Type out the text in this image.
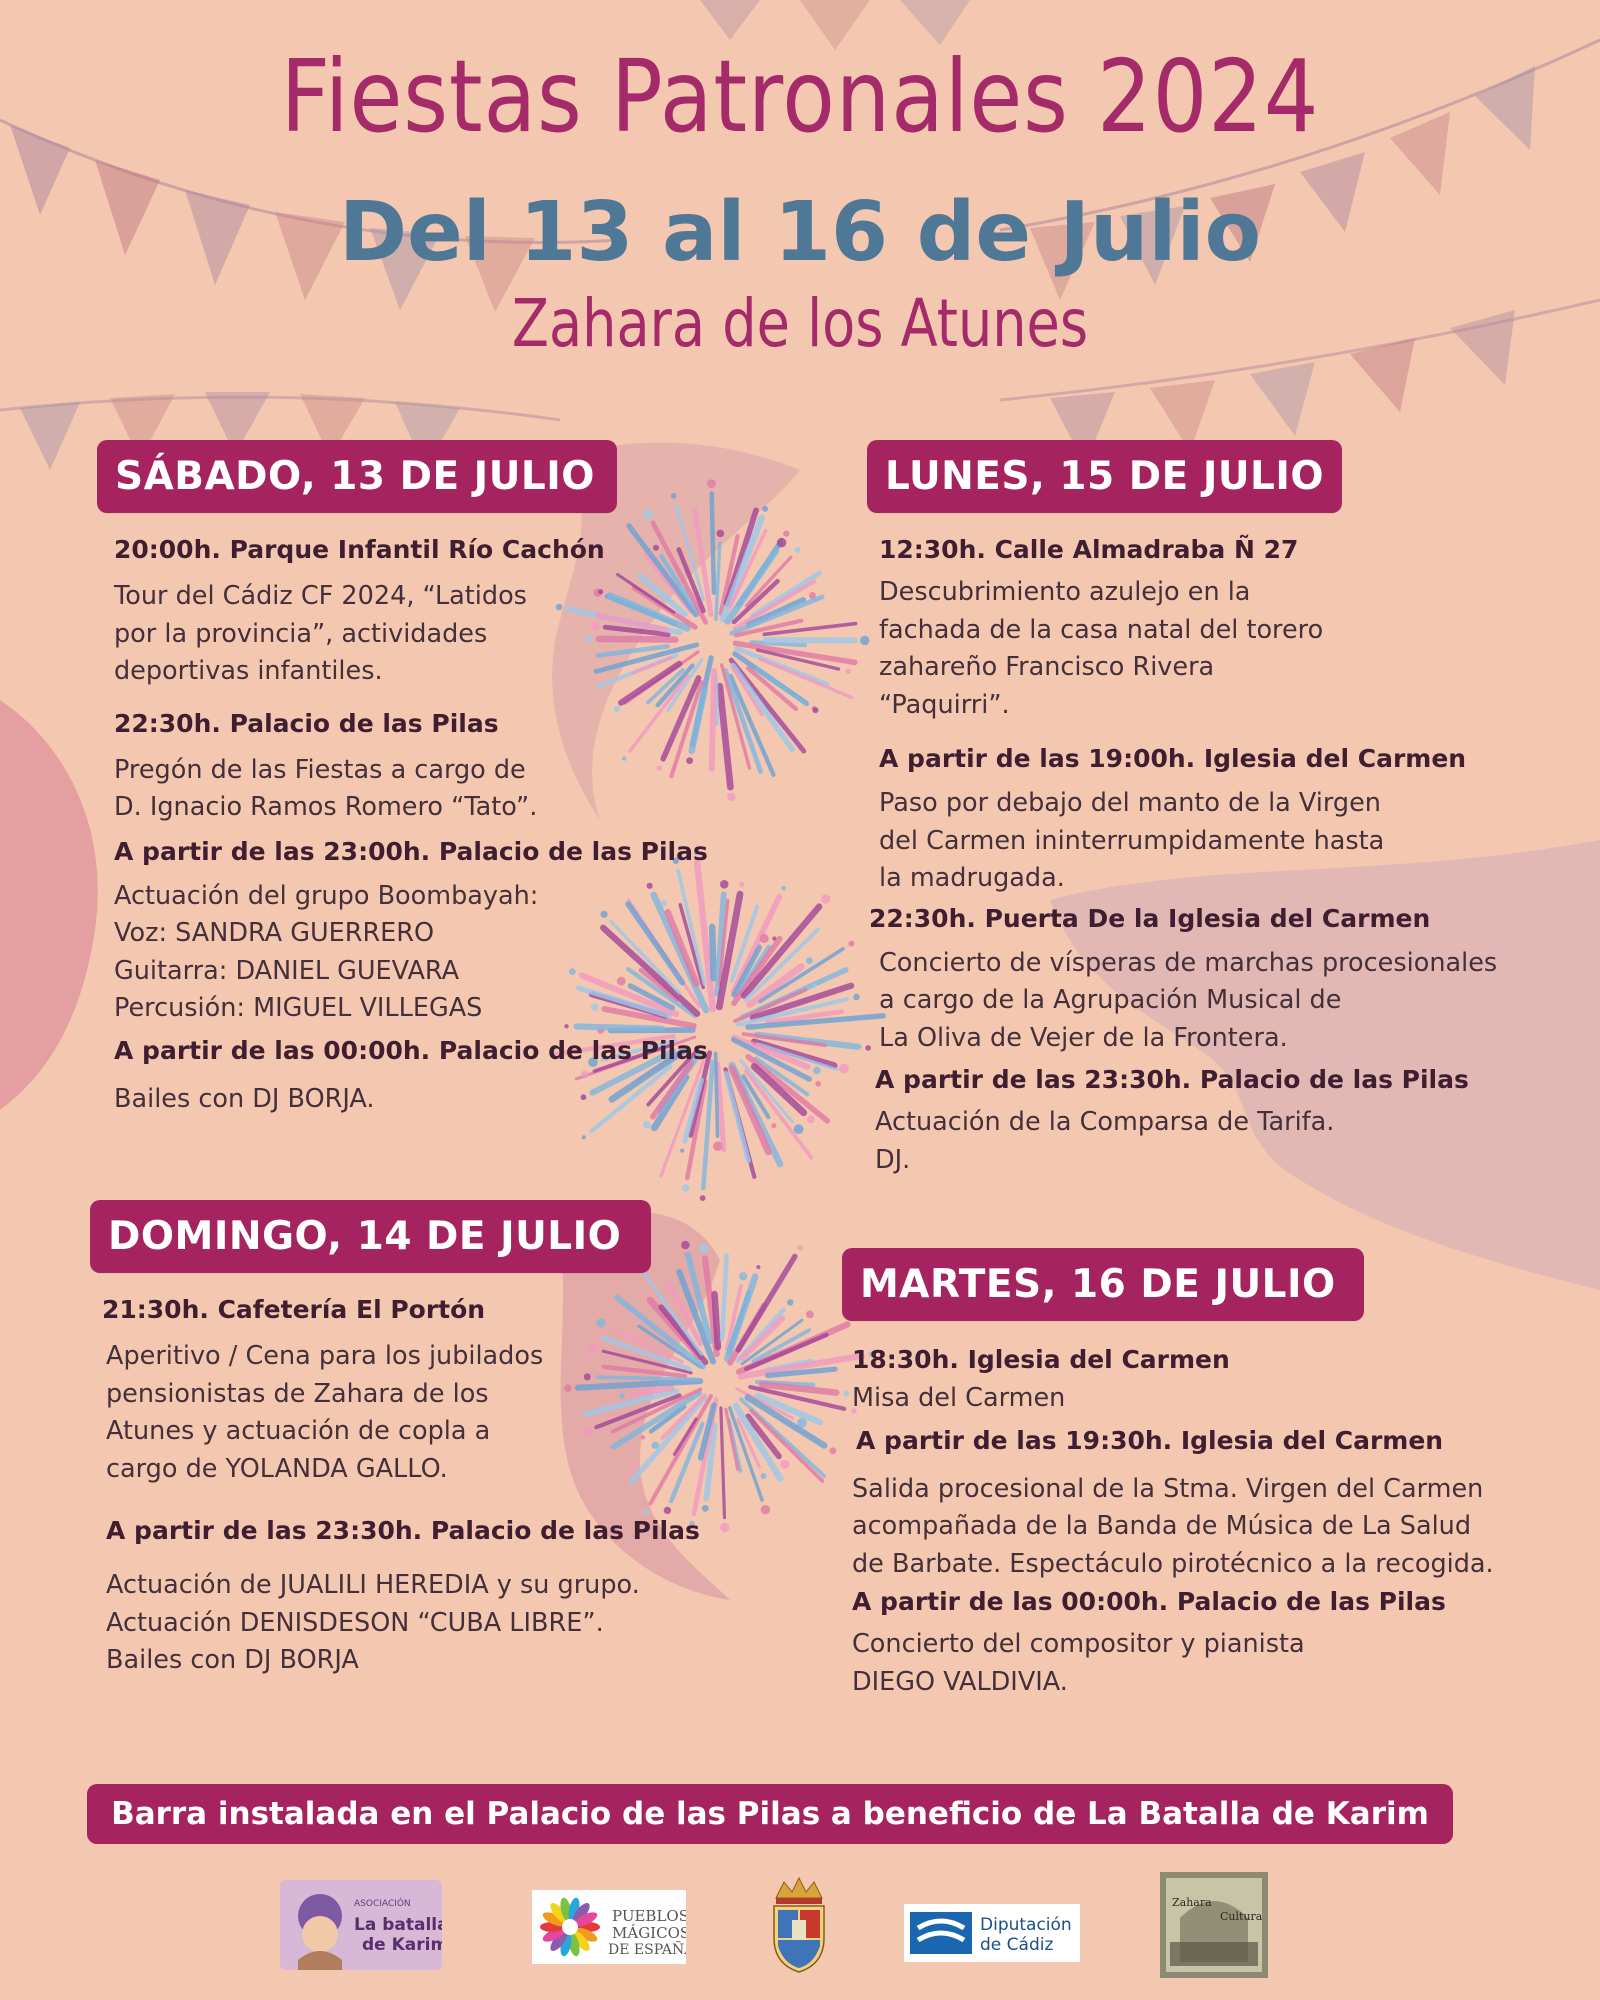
Fiestas Patronales 2024
Del 13 al 16 de Julio
Zahara de los Atunes
SÁBADO, 13 DE JULIO
20:00h. Parque Infantil Río Cachón
Tour del Cádiz CF 2024, “Latidos
por la provincia”, actividades
deportivas infantiles.
22:30h. Palacio de las Pilas
Pregón de las Fiestas a cargo de
D. Ignacio Ramos Romero “Tato”.
A partir de las 23:00h. Palacio de las Pilas
Actuación del grupo Boombayah:
Voz: SANDRA GUERRERO
Guitarra: DANIEL GUEVARA
Percusión: MIGUEL VILLEGAS
A partir de las 00:00h. Palacio de las Pilas
Bailes con DJ BORJA.
DOMINGO, 14 DE JULIO
21:30h. Cafetería El Portón
Aperitivo / Cena para los jubilados
pensionistas de Zahara de los
Atunes y actuación de copla a
cargo de YOLANDA GALLO.
A partir de las 23:30h. Palacio de las Pilas
Actuación de JUALILI HEREDIA y su grupo.
Actuación DENISDESON “CUBA LIBRE”.
Bailes con DJ BORJA
LUNES, 15 DE JULIO
12:30h. Calle Almadraba Ñ 27
Descubrimiento azulejo en la
fachada de la casa natal del torero
zahareño Francisco Rivera
“Paquirri”.
A partir de las 19:00h. Iglesia del Carmen
Paso por debajo del manto de la Virgen
del Carmen ininterrumpidamente hasta
la madrugada.
22:30h. Puerta De la Iglesia del Carmen
Concierto de vísperas de marchas procesionales
a cargo de la Agrupación Musical de
La Oliva de Vejer de la Frontera.
A partir de las 23:30h. Palacio de las Pilas
Actuación de la Comparsa de Tarifa.
DJ.
MARTES, 16 DE JULIO
18:30h. Iglesia del Carmen
Misa del Carmen
A partir de las 19:30h. Iglesia del Carmen
Salida procesional de la Stma. Virgen del Carmen
acompañada de la Banda de Música de La Salud
de Barbate. Espectáculo pirotécnico a la recogida.
A partir de las 00:00h. Palacio de las Pilas
Concierto del compositor y pianista
DIEGO VALDIVIA.
Barra instalada en el Palacio de las Pilas a beneficio de La Batalla de Karim
ASOCIACIÓN
La batalla
de Karim
PUEBLOS
MÁGICOS
DE ESPAÑA
Diputación
de Cádiz
Zahara
Cultura
